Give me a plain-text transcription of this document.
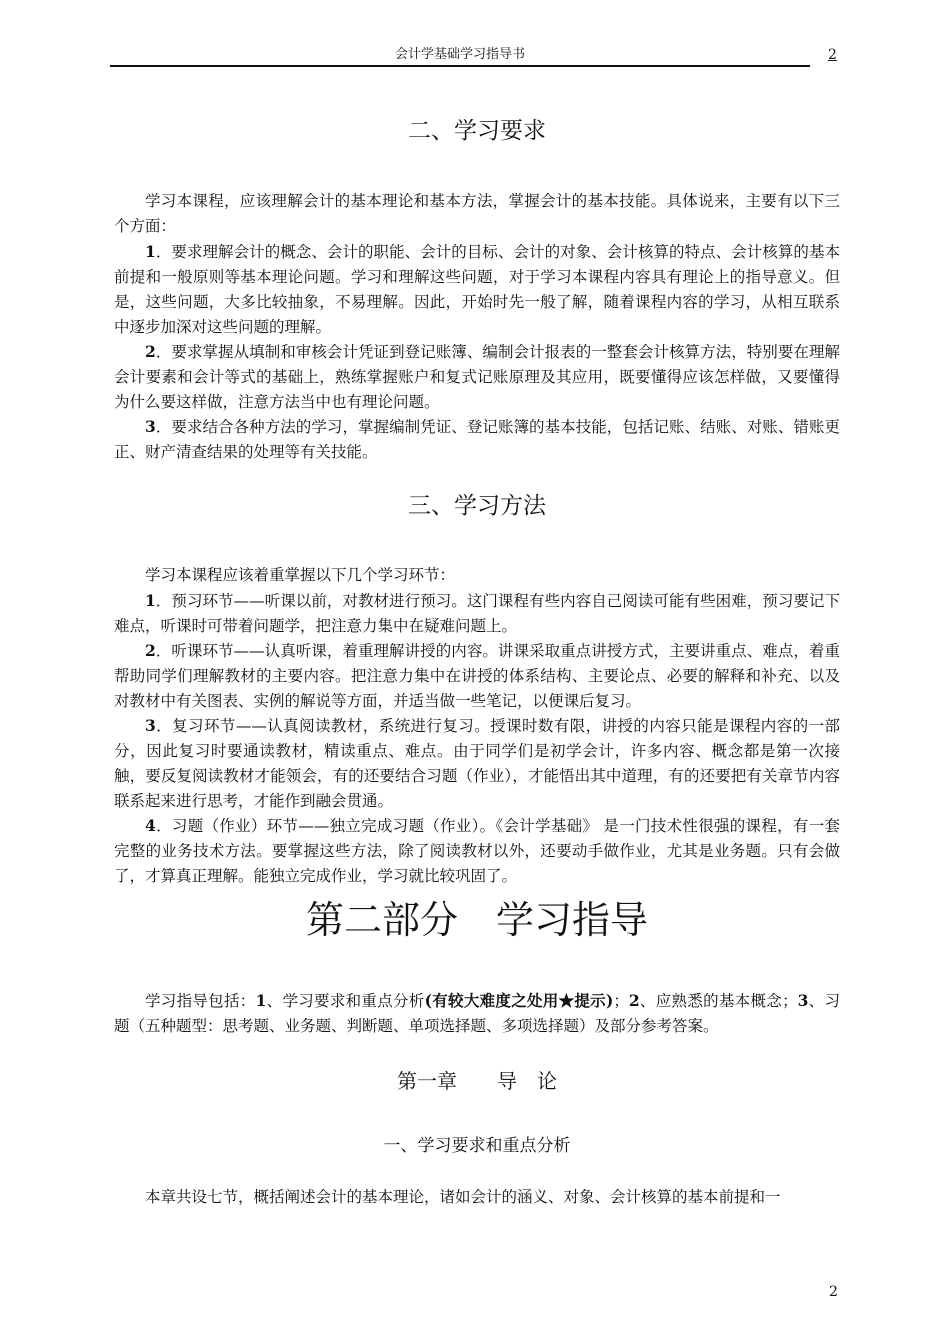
会计学基础学习指导书	2
二、学习要求
学习本课程，应该理解会计的基本理论和基本方法，掌握会计的基本技能。具体说来，主要有以下三个方面：
1．要求理解会计的概念、会计的职能、会计的目标、会计的对象、会计核算的特点、会计核算的基本前提和一般原则等基本理论问题。学习和理解这些问题，对于学习本课程内容具有理论上的指导意义。但是，这些问题，大多比较抽象，不易理解。因此，开始时先一般了解，随着课程内容的学习，从相互联系中逐步加深对这些问题的理解。
2．要求掌握从填制和审核会计凭证到登记账簿、编制会计报表的一整套会计核算方法，特别要在理解会计要素和会计等式的基础上，熟练掌握账户和复式记账原理及其应用，既要懂得应该怎样做，又要懂得为什么要这样做，注意方法当中也有理论问题。
3．要求结合各种方法的学习，掌握编制凭证、登记账簿的基本技能，包括记账、结账、对账、错账更正、财产清查结果的处理等有关技能。
三、学习方法
学习本课程应该着重掌握以下几个学习环节：
1．预习环节——听课以前，对教材进行预习。这门课程有些内容自己阅读可能有些困难，预习要记下难点，听课时可带着问题学，把注意力集中在疑难问题上。
2．听课环节——认真听课，着重理解讲授的内容。讲课采取重点讲授方式，主要讲重点、难点，着重帮助同学们理解教材的主要内容。把注意力集中在讲授的体系结构、主要论点、必要的解释和补充、以及对教材中有关图表、实例的解说等方面，并适当做一些笔记，以便课后复习。
3．复习环节——认真阅读教材，系统进行复习。授课时数有限，讲授的内容只能是课程内容的一部分，因此复习时要通读教材，精读重点、难点。由于同学们是初学会计，许多内容、概念都是第一次接触，要反复阅读教材才能领会，有的还要结合习题（作业），才能悟出其中道理，有的还要把有关章节内容联系起来进行思考，才能作到融会贯通。
4．习题（作业）环节——独立完成习题（作业）。《会计学基础》 是一门技术性很强的课程，有一套完整的业务技术方法。要掌握这些方法，除了阅读教材以外，还要动手做作业，尤其是业务题。只有会做了，才算真正理解。能独立完成作业，学习就比较巩固了。
第二部分　学习指导
学习指导包括：1、学习要求和重点分析(有较大难度之处用★提示)；2、应熟悉的基本概念；3、习题（五种题型：思考题、业务题、判断题、单项选择题、多项选择题）及部分参考答案。
第一章　　导　论
一、学习要求和重点分析
本章共设七节，概括阐述会计的基本理论，诸如会计的涵义、对象、会计核算的基本前提和一
2
